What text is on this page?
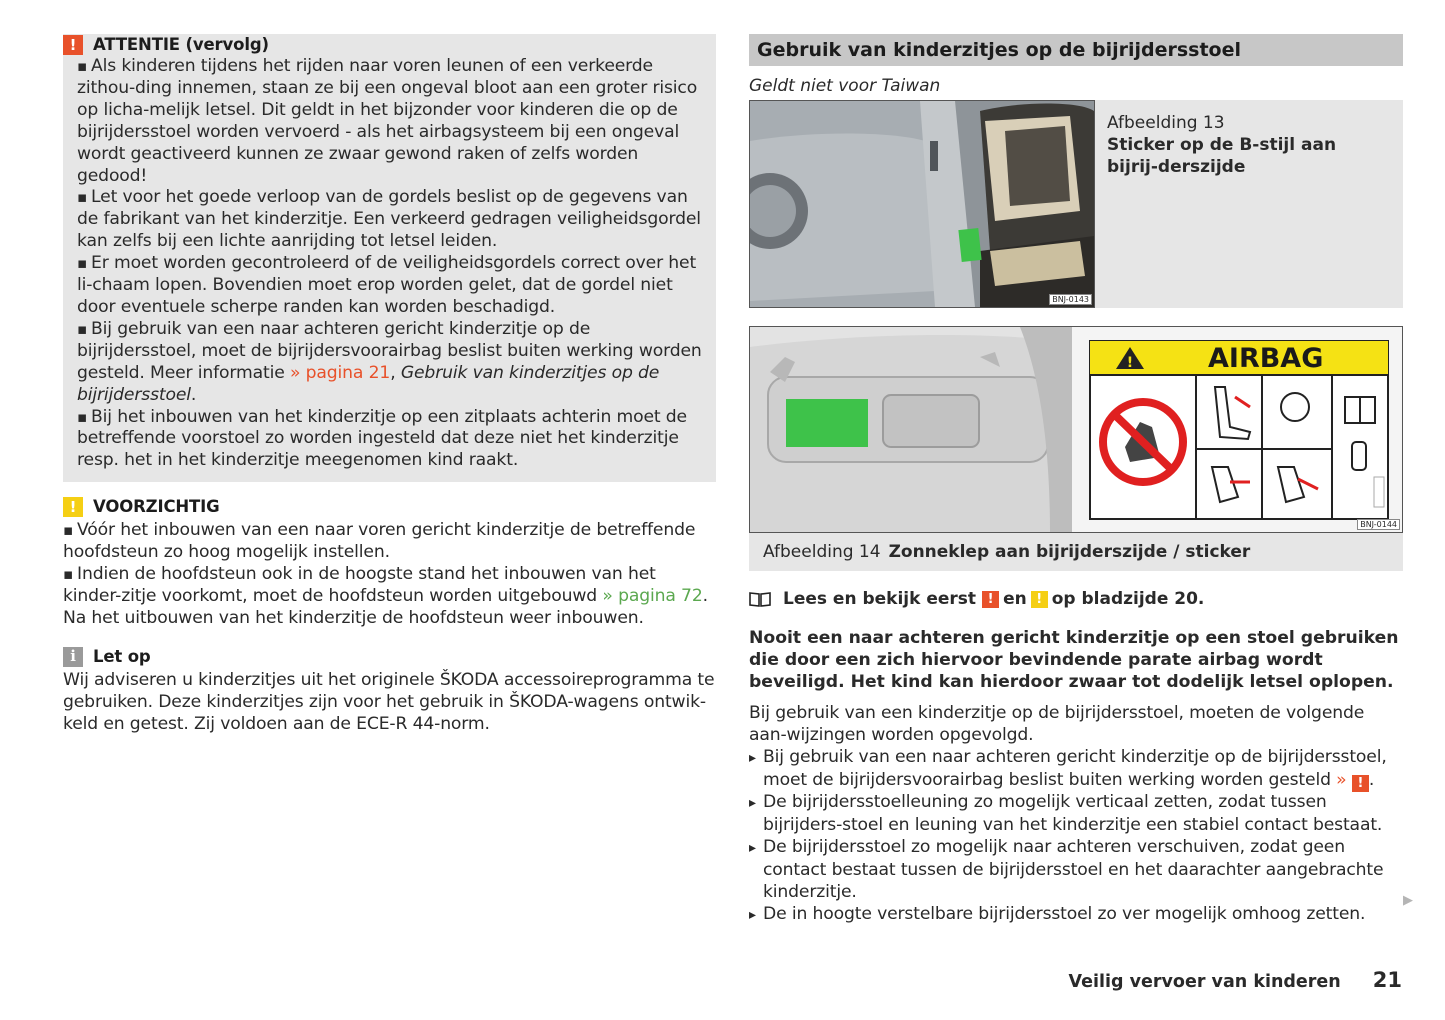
!	ATTENTIE (vervolg)

▪ Als kinderen tijdens het rijden naar voren leunen of een verkeerde zithou-ding innemen, staan ze bij een ongeval bloot aan een groter risico op licha-melijk letsel. Dit geldt in het bijzonder voor kinderen die op de bijrijdersstoel worden vervoerd - als het airbagsysteem bij een ongeval wordt geactiveerd kunnen ze zwaar gewond raken of zelfs worden gedood!

▪ Let voor het goede verloop van de gordels beslist op de gegevens van de fabrikant van het kinderzitje. Een verkeerd gedragen veiligheidsgordel kan zelfs bij een lichte aanrijding tot letsel leiden.

▪ Er moet worden gecontroleerd of de veiligheidsgordels correct over het li-chaam lopen. Bovendien moet erop worden gelet, dat de gordel niet door eventuele scherpe randen kan worden beschadigd.

▪ Bij gebruik van een naar achteren gericht kinderzitje op de bijrijdersstoel, moet de bijrijdersvoorairbag beslist buiten werking worden gesteld. Meer informatie » pagina 21, Gebruik van kinderzitjes op de bijrijdersstoel.

▪ Bij het inbouwen van het kinderzitje op een zitplaats achterin moet de betreffende voorstoel zo worden ingesteld dat deze niet het kinderzitje resp. het in het kinderzitje meegenomen kind raakt.

!	VOORZICHTIG

▪ Vóór het inbouwen van een naar voren gericht kinderzitje de betreffende hoofdsteun zo hoog mogelijk instellen.

▪ Indien de hoofdsteun ook in de hoogste stand het inbouwen van het kinder-zitje voorkomt, moet de hoofdsteun worden uitgebouwd » pagina 72. Na het uitbouwen van het kinderzitje de hoofdsteun weer inbouwen.

i	Let op

Wij adviseren u kinderzitjes uit het originele ŠKODA accessoireprogramma te gebruiken. Deze kinderzitjes zijn voor het gebruik in ŠKODA-wagens ontwik-keld en getest. Zij voldoen aan de ECE-R 44-norm.

Gebruik van kinderzitjes op de bijrijdersstoel
Geldt niet voor Taiwan
BNJ-0143
Afbeelding 13
Sticker op de B-stijl aan bijrij-derszijde
!	AIRBAG
BNJ-0144
Afbeelding 14 Zonneklep aan bijrijderszijde / sticker
Lees en bekijk eerst ! en ! op bladzijde 20.
Nooit een naar achteren gericht kinderzitje op een stoel gebruiken die door een zich hiervoor bevindende parate airbag wordt beveiligd. Het kind kan hierdoor zwaar tot dodelijk letsel oplopen.
Bij gebruik van een kinderzitje op de bijrijdersstoel, moeten de volgende aan-wijzingen worden opgevolgd.
▸ Bij gebruik van een naar achteren gericht kinderzitje op de bijrijdersstoel, moet de bijrijdersvoorairbag beslist buiten werking worden gesteld » ! .
▸ De bijrijdersstoelleuning zo mogelijk verticaal zetten, zodat tussen bijrijders-stoel en leuning van het kinderzitje een stabiel contact bestaat.
▸ De bijrijdersstoel zo mogelijk naar achteren verschuiven, zodat geen contact bestaat tussen de bijrijdersstoel en het daarachter aangebrachte kinderzitje.
▸ De in hoogte verstelbare bijrijdersstoel zo ver mogelijk omhoog zetten.
▶
Veilig vervoer van kinderen 21
